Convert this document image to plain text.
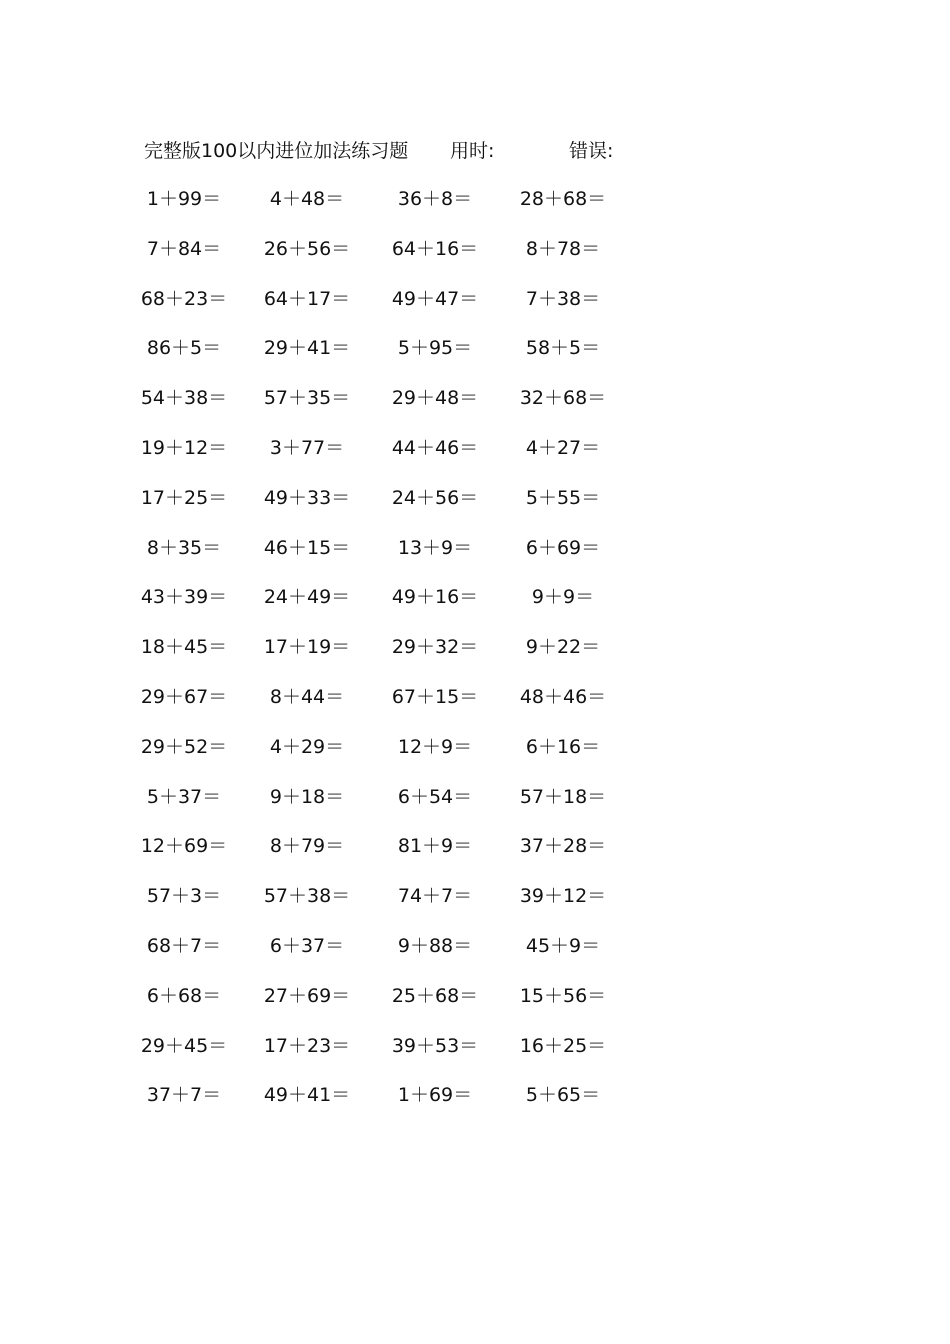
完整版100以内进位加法练习题 用时:	错误:
1＋99＝	4＋48＝	36＋8＝	28＋68＝
7＋84＝ 26＋56＝ 64＋16＝	8＋78＝
68＋23＝ 64＋17＝ 49＋47＝	7＋38＝
86＋5＝ 29＋41＝	5＋95＝	58＋5＝
54＋38＝ 57＋35＝ 29＋48＝ 32＋68＝
19＋12＝ 3＋77＝	44＋46＝	4＋27＝
17＋25＝ 49＋33＝ 24＋56＝	5＋55＝
8＋35＝ 46＋15＝	13＋9＝	6＋69＝
43＋39＝ 24＋49＝ 49＋16＝	9＋9＝
18＋45＝ 17＋19＝ 29＋32＝	9＋22＝
29＋67＝ 8＋44＝	67＋15＝ 48＋46＝
29＋52＝ 4＋29＝	12＋9＝	6＋16＝
5＋37＝	9＋18＝	6＋54＝	57＋18＝
12＋69＝ 8＋79＝	81＋9＝	37＋28＝
57＋3＝ 57＋38＝	74＋7＝	39＋12＝
68＋7＝	6＋37＝	9＋88＝	45＋9＝
6＋68＝ 27＋69＝ 25＋68＝ 15＋56＝
29＋45＝ 17＋23＝ 39＋53＝ 16＋25＝
37＋7＝ 49＋41＝	1＋69＝	5＋65＝
